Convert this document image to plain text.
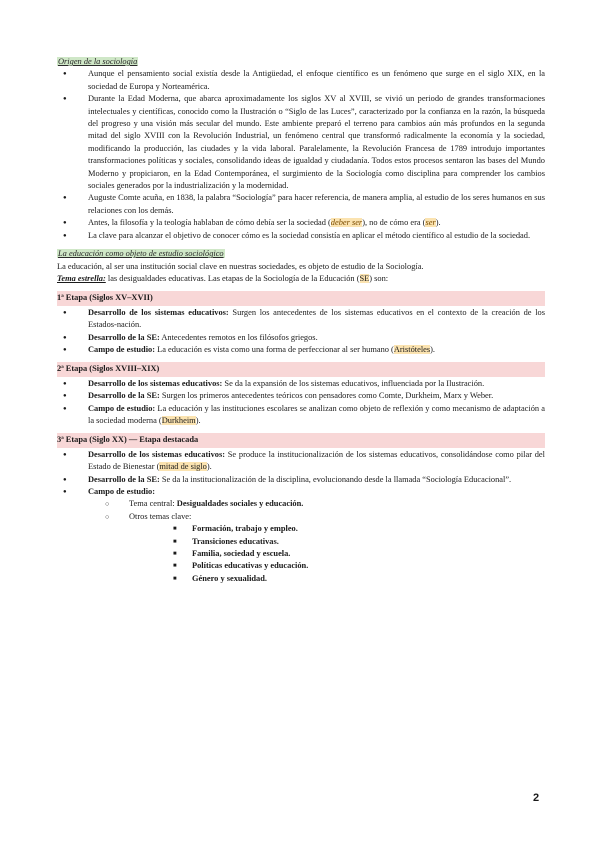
Origen de la sociología
● Aunque el pensamiento social existía desde la Antigüedad, el enfoque científico es un fenómeno que surge en el siglo XIX, en la sociedad de Europa y Norteamérica.
● Durante la Edad Moderna, que abarca aproximadamente los siglos XV al XVIII, se vivió un periodo de grandes transformaciones intelectuales y científicas, conocido como la Ilustración o “Siglo de las Luces”, caracterizado por la confianza en la razón, la búsqueda del progreso y una visión más secular del mundo. Este ambiente preparó el terreno para cambios aún más profundos en la segunda mitad del siglo XVIII con la Revolución Industrial, un fenómeno central que transformó radicalmente la economía y la sociedad, modificando la producción, las ciudades y la vida laboral. Paralelamente, la Revolución Francesa de 1789 introdujo importantes transformaciones políticas y sociales, consolidando ideas de igualdad y ciudadanía. Todos estos procesos sentaron las bases del Mundo Moderno y propiciaron, en la Edad Contemporánea, el surgimiento de la Sociología como disciplina para comprender los cambios sociales generados por la industrialización y la modernidad.
● Auguste Comte acuña, en 1838, la palabra “Sociología” para hacer referencia, de manera amplia, al estudio de los seres humanos en sus relaciones con los demás.
● Antes, la filosofía y la teología hablaban de cómo debía ser la sociedad (deber ser), no de cómo era (ser).
● La clave para alcanzar el objetivo de conocer cómo es la sociedad consistía en aplicar el método científico al estudio de la sociedad.
La educación como objeto de estudio sociológico

La educación, al ser una institución social clave en nuestras sociedades, es objeto de estudio de la Sociología.

Tema estrella: las desigualdades educativas. Las etapas de la Sociología de la Educación (SE) son:

1ª Etapa (Siglos XV–XVII)
● Desarrollo de los sistemas educativos: Surgen los antecedentes de los sistemas educativos en el contexto de la creación de los Estados-nación.
● Desarrollo de la SE: Antecedentes remotos en los filósofos griegos.
● Campo de estudio: La educación es vista como una forma de perfeccionar al ser humano (Aristóteles).
2ª Etapa (Siglos XVIII–XIX)
● Desarrollo de los sistemas educativos: Se da la expansión de los sistemas educativos, influenciada por la Ilustración.
● Desarrollo de la SE: Surgen los primeros antecedentes teóricos con pensadores como Comte, Durkheim, Marx y Weber.
● Campo de estudio: La educación y las instituciones escolares se analizan como objeto de reflexión y como mecanismo de adaptación a la sociedad moderna (Durkheim).
3ª Etapa (Siglo XX) — Etapa destacada
● Desarrollo de los sistemas educativos: Se produce la institucionalización de los sistemas educativos, consolidándose como pilar del Estado de Bienestar (mitad de siglo).
● Desarrollo de la SE: Se da la institucionalización de la disciplina, evolucionando desde la llamada “Sociología Educacional”.
● Campo de estudio:
○ Tema central: Desigualdades sociales y educación.
○ Otros temas clave:
■ Formación, trabajo y empleo.
■ Transiciones educativas.
■ Familia, sociedad y escuela.
■ Políticas educativas y educación.
■ Género y sexualidad.
2
